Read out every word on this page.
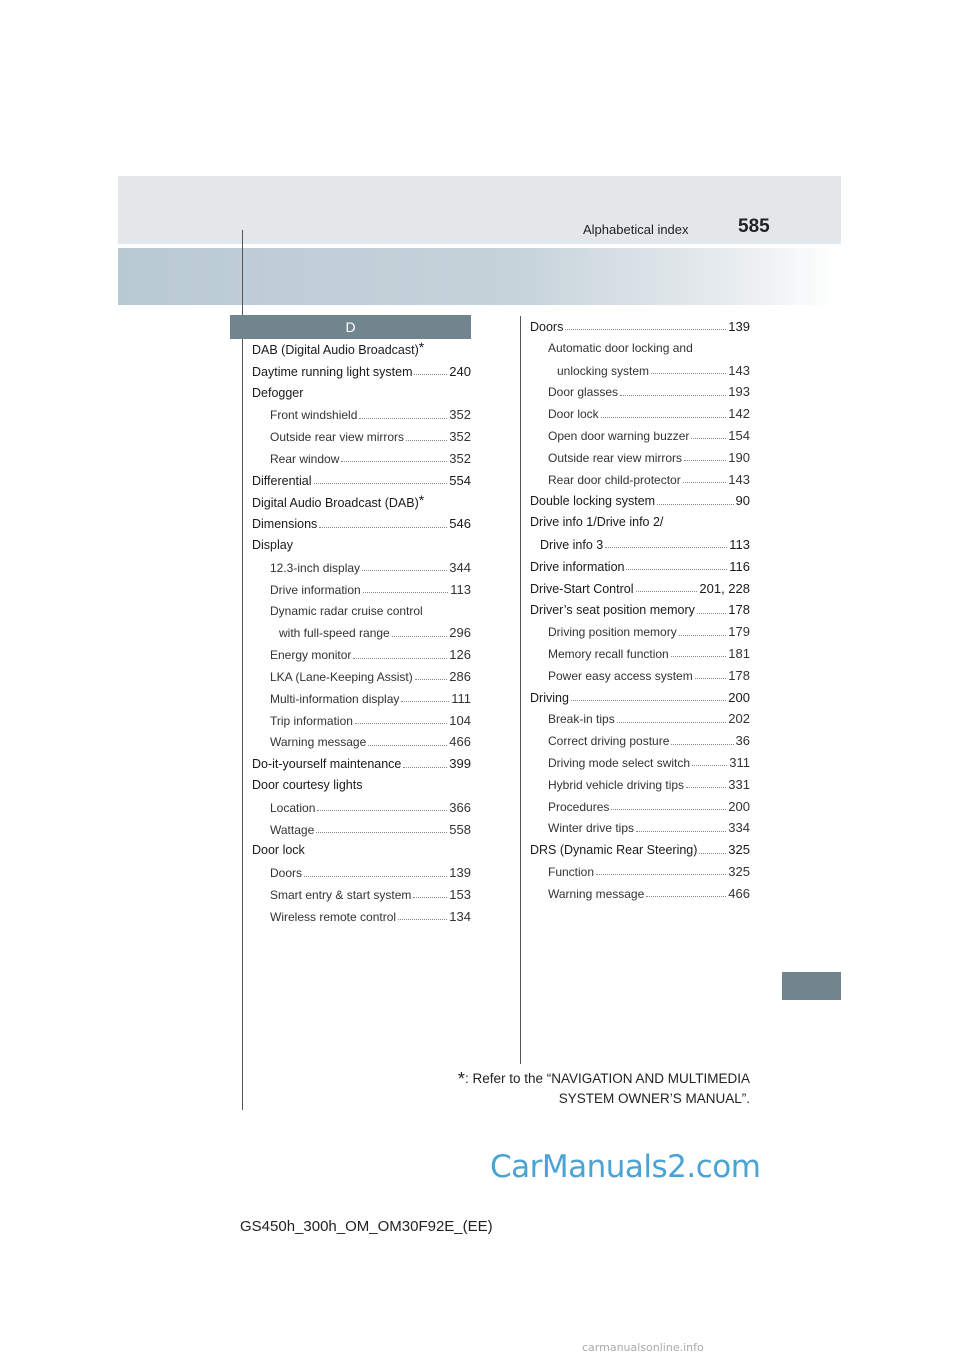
Alphabetical index	585
D
DAB (Digital Audio Broadcast)*
Daytime running light system	240
Defogger
Front windshield	352
Outside rear view mirrors	352
Rear window	352
Differential	554
Digital Audio Broadcast (DAB)*
Dimensions	546
Display
12.3-inch display	344
Drive information	113
Dynamic radar cruise control
with full-speed range	296
Energy monitor	126
LKA (Lane-Keeping Assist)	286
Multi-information display	111
Trip information	104
Warning message	466
Do-it-yourself maintenance	399
Door courtesy lights
Location	366
Wattage	558
Door lock
Doors	139
Smart entry & start system	153
Wireless remote control	134
Doors	139
Automatic door locking and
unlocking system	143
Door glasses	193
Door lock	142
Open door warning buzzer	154
Outside rear view mirrors	190
Rear door child-protector	143
Double locking system	90
Drive info 1/Drive info 2/
Drive info 3	113
Drive information	116
Drive-Start Control	201, 228
Driver’s seat position memory	178
Driving position memory	179
Memory recall function	181
Power easy access system	178
Driving	200
Break-in tips	202
Correct driving posture	36
Driving mode select switch	311
Hybrid vehicle driving tips	331
Procedures	200
Winter drive tips	334
DRS (Dynamic Rear Steering) 325
Function	325
Warning message	466
*: Refer to the “NAVIGATION AND MULTIMEDIA
SYSTEM OWNER’S MANUAL”.
CarManuals2.com
GS450h_300h_OM_OM30F92E_(EE)
carmanualsonline.info
